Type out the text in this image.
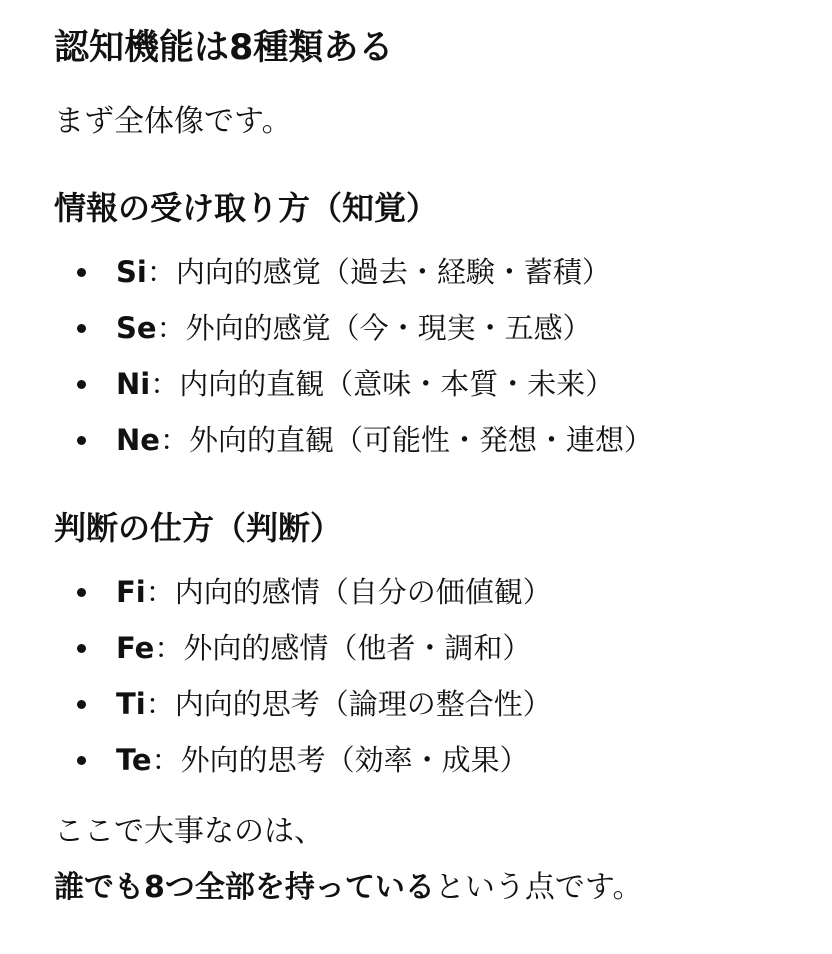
認知機能は8種類ある

まず全体像です。

情報の受け取り方（知覚）
Si：内向的感覚（過去・経験・蓄積）
Se：外向的感覚（今・現実・五感）
Ni：内向的直観（意味・本質・未来）
Ne：外向的直観（可能性・発想・連想）
判断の仕方（判断）
Fi：内向的感情（自分の価値観）
Fe：外向的感情（他者・調和）
Ti：内向的思考（論理の整合性）
Te：外向的思考（効率・成果）

ここで大事なのは、

誰でも8つ全部を持っているという点です。
